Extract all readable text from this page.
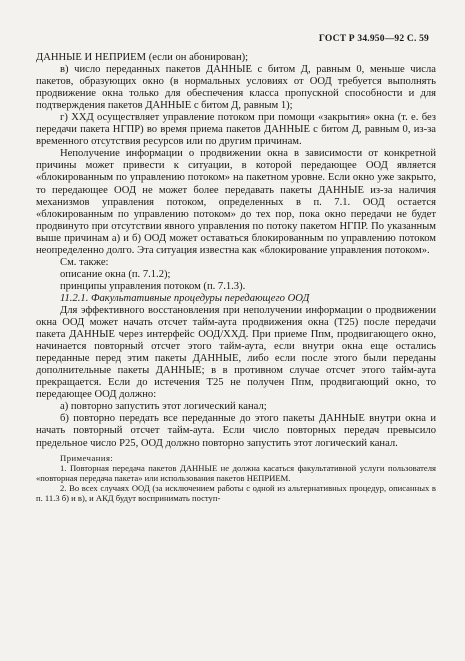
ГОСТ Р 34.950—92 С. 59

ДАННЫЕ И НЕПРИЕМ (если он абонирован);

в) число переданных пакетов ДАННЫЕ с битом Д, равным 0, меньше числа пакетов, образующих окно (в нормальных условиях от ООД требуется выполнять продвижение окна только для обеспечения класса пропускной способности и для подтверждения пакетов ДАННЫЕ с битом Д, равным 1);

г) ХХД осуществляет управление потоком при помощи «закрытия» окна (т. е. без передачи пакета НГПР) во время приема пакетов ДАННЫЕ с битом Д, равным 0, из-за временного отсутствия ресурсов или по другим причинам.

Неполучение информации о продвижении окна в зависимости от конкретной причины может привести к ситуации, в которой передающее ООД является «блокированным по управлению потоком» на пакетном уровне. Если окно уже закрыто, то передающее ООД не может более передавать пакеты ДАННЫЕ из-за наличия механизмов управления потоком, определенных в п. 7.1. ООД остается «блокированным по управлению потоком» до тех пор, пока окно передачи не будет продвинуто при отсутствии явного управления по потоку пакетом НГПР. По указанным выше причинам а) и б) ООД может оставаться блокированным по управлению потоком неопределенно долго. Эта ситуация известна как «блокирование управления потоком».

См. также:

описание окна (п. 7.1.2);

принципы управления потоком (п. 7.1.3).

11.2.1. Факультативные процедуры передающего ООД

Для эффективного восстановления при неполучении информации о продвижении окна ООД может начать отсчет тайм-аута продвижения окна (Т25) после передачи пакета ДАННЫЕ через интерфейс ООД/ХХД. При приеме Ппм, продвигающего окно, начинается повторный отсчет этого тайм-аута, если внутри окна еще остались переданные перед этим пакеты ДАННЫЕ, либо если после этого были переданы дополнительные пакеты ДАННЫЕ; в в противном случае отсчет этого тайм-аута прекращается. Если до истечения Т25 не получен Ппм, продвигающий окно, то передающее ООД должно:

а) повторно запустить этот логический канал;

б) повторно передать все переданные до этого пакеты ДАННЫЕ внутри окна и начать повторный отсчет тайм-аута. Если число повторных передач превысило предельное число Р25, ООД должно повторно запустить этот логический канал.

Примечания:

1. Повторная передача пакетов ДАННЫЕ не должна касаться факультативной услуги пользователя «повторная передача пакета» или использования пакетов НЕПРИЕМ.

2. Во всех случаях ООД (за исключением работы с одной из альтернативных процедур, описанных в п. 11.3 б) и в), и АКД будут воспринимать поступ-
